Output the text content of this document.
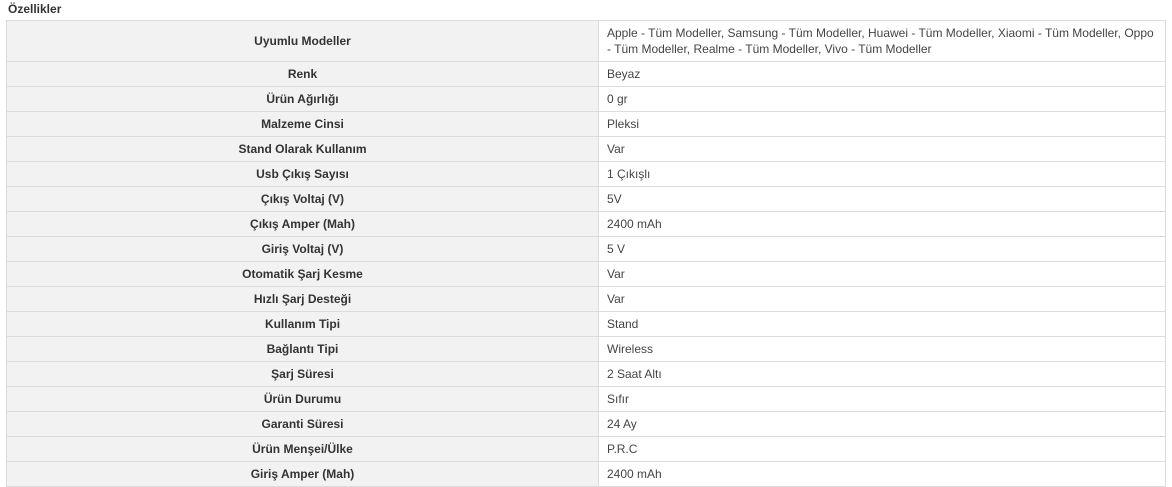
Özellikler
Uyumlu Modeller	Apple - Tüm Modeller, Samsung - Tüm Modeller, Huawei - Tüm Modeller, Xiaomi - Tüm Modeller, Oppo - Tüm Modeller, Realme - Tüm Modeller, Vivo - Tüm Modeller
Renk	Beyaz
Ürün Ağırlığı	0 gr
Malzeme Cinsi	Pleksi
Stand Olarak Kullanım	Var
Usb Çıkış Sayısı	1 Çıkışlı
Çıkış Voltaj (V)	5V
Çıkış Amper (Mah)	2400 mAh
Giriş Voltaj (V)	5 V
Otomatik Şarj Kesme	Var
Hızlı Şarj Desteği	Var
Kullanım Tipi	Stand
Bağlantı Tipi	Wireless
Şarj Süresi	2 Saat Altı
Ürün Durumu	Sıfır
Garanti Süresi	24 Ay
Ürün Menşei/Ülke	P.R.C
Giriş Amper (Mah)	2400 mAh
